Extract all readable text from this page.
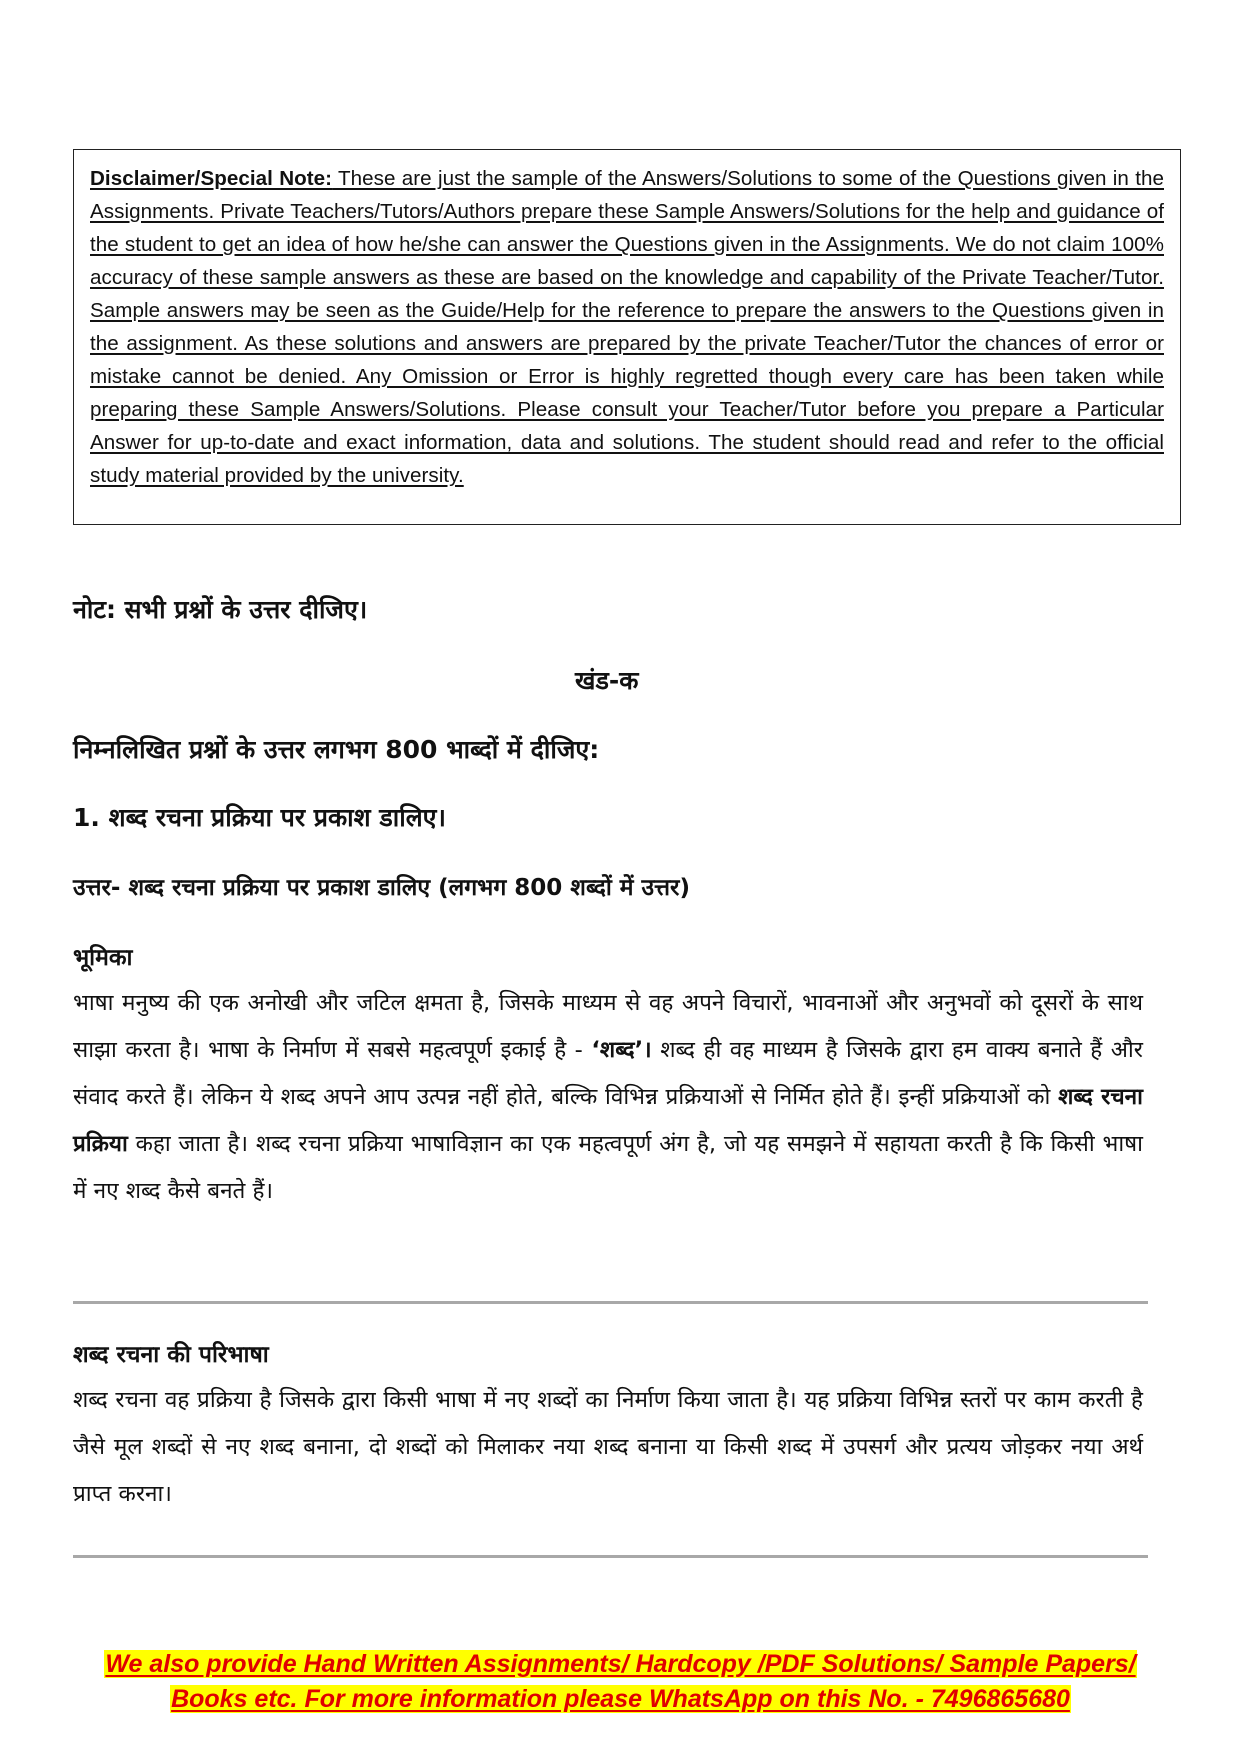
Disclaimer/Special Note: These are just the sample of the Answers/Solutions to some of the Questions given in the Assignments. Private Teachers/Tutors/Authors prepare these Sample Answers/Solutions for the help and guidance of the student to get an idea of how he/she can answer the Questions given in the Assignments. We do not claim 100% accuracy of these sample answers as these are based on the knowledge and capability of the Private Teacher/Tutor. Sample answers may be seen as the Guide/Help for the reference to prepare the answers to the Questions given in the assignment. As these solutions and answers are prepared by the private Teacher/Tutor the chances of error or mistake cannot be denied. Any Omission or Error is highly regretted though every care has been taken while preparing these Sample Answers/Solutions. Please consult your Teacher/Tutor before you prepare a Particular Answer for up-to-date and exact information, data and solutions. The student should read and refer to the official study material provided by the university.

नोट: सभी प्रश्नों के उत्तर दीजिए।
खंड-क
निम्नलिखित प्रश्नों के उत्तर लगभग 800 भाब्दों में दीजिए:
1. शब्द रचना प्रक्रिया पर प्रकाश डालिए।
उत्तर- शब्द रचना प्रक्रिया पर प्रकाश डालिए (लगभग 800 शब्दों में उत्तर)
भूमिका

भाषा मनुष्य की एक अनोखी और जटिल क्षमता है, जिसके माध्यम से वह अपने विचारों, भावनाओं और अनुभवों को दूसरों के साथ साझा करता है। भाषा के निर्माण में सबसे महत्वपूर्ण इकाई है - ‘शब्द’। शब्द ही वह माध्यम है जिसके द्वारा हम वाक्य बनाते हैं और संवाद करते हैं। लेकिन ये शब्द अपने आप उत्पन्न नहीं होते, बल्कि विभिन्न प्रक्रियाओं से निर्मित होते हैं। इन्हीं प्रक्रियाओं को शब्द रचना प्रक्रिया कहा जाता है। शब्द रचना प्रक्रिया भाषाविज्ञान का एक महत्वपूर्ण अंग है, जो यह समझने में सहायता करती है कि किसी भाषा में नए शब्द कैसे बनते हैं।

शब्द रचना की परिभाषा

शब्द रचना वह प्रक्रिया है जिसके द्वारा किसी भाषा में नए शब्दों का निर्माण किया जाता है। यह प्रक्रिया विभिन्न स्तरों पर काम करती है जैसे मूल शब्दों से नए शब्द बनाना, दो शब्दों को मिलाकर नया शब्द बनाना या किसी शब्द में उपसर्ग और प्रत्यय जोड़कर नया अर्थ प्राप्त करना।

We also provide Hand Written Assignments/ Hardcopy /PDF Solutions/ Sample Papers/
Books etc. For more information please WhatsApp on this No. - 7496865680
